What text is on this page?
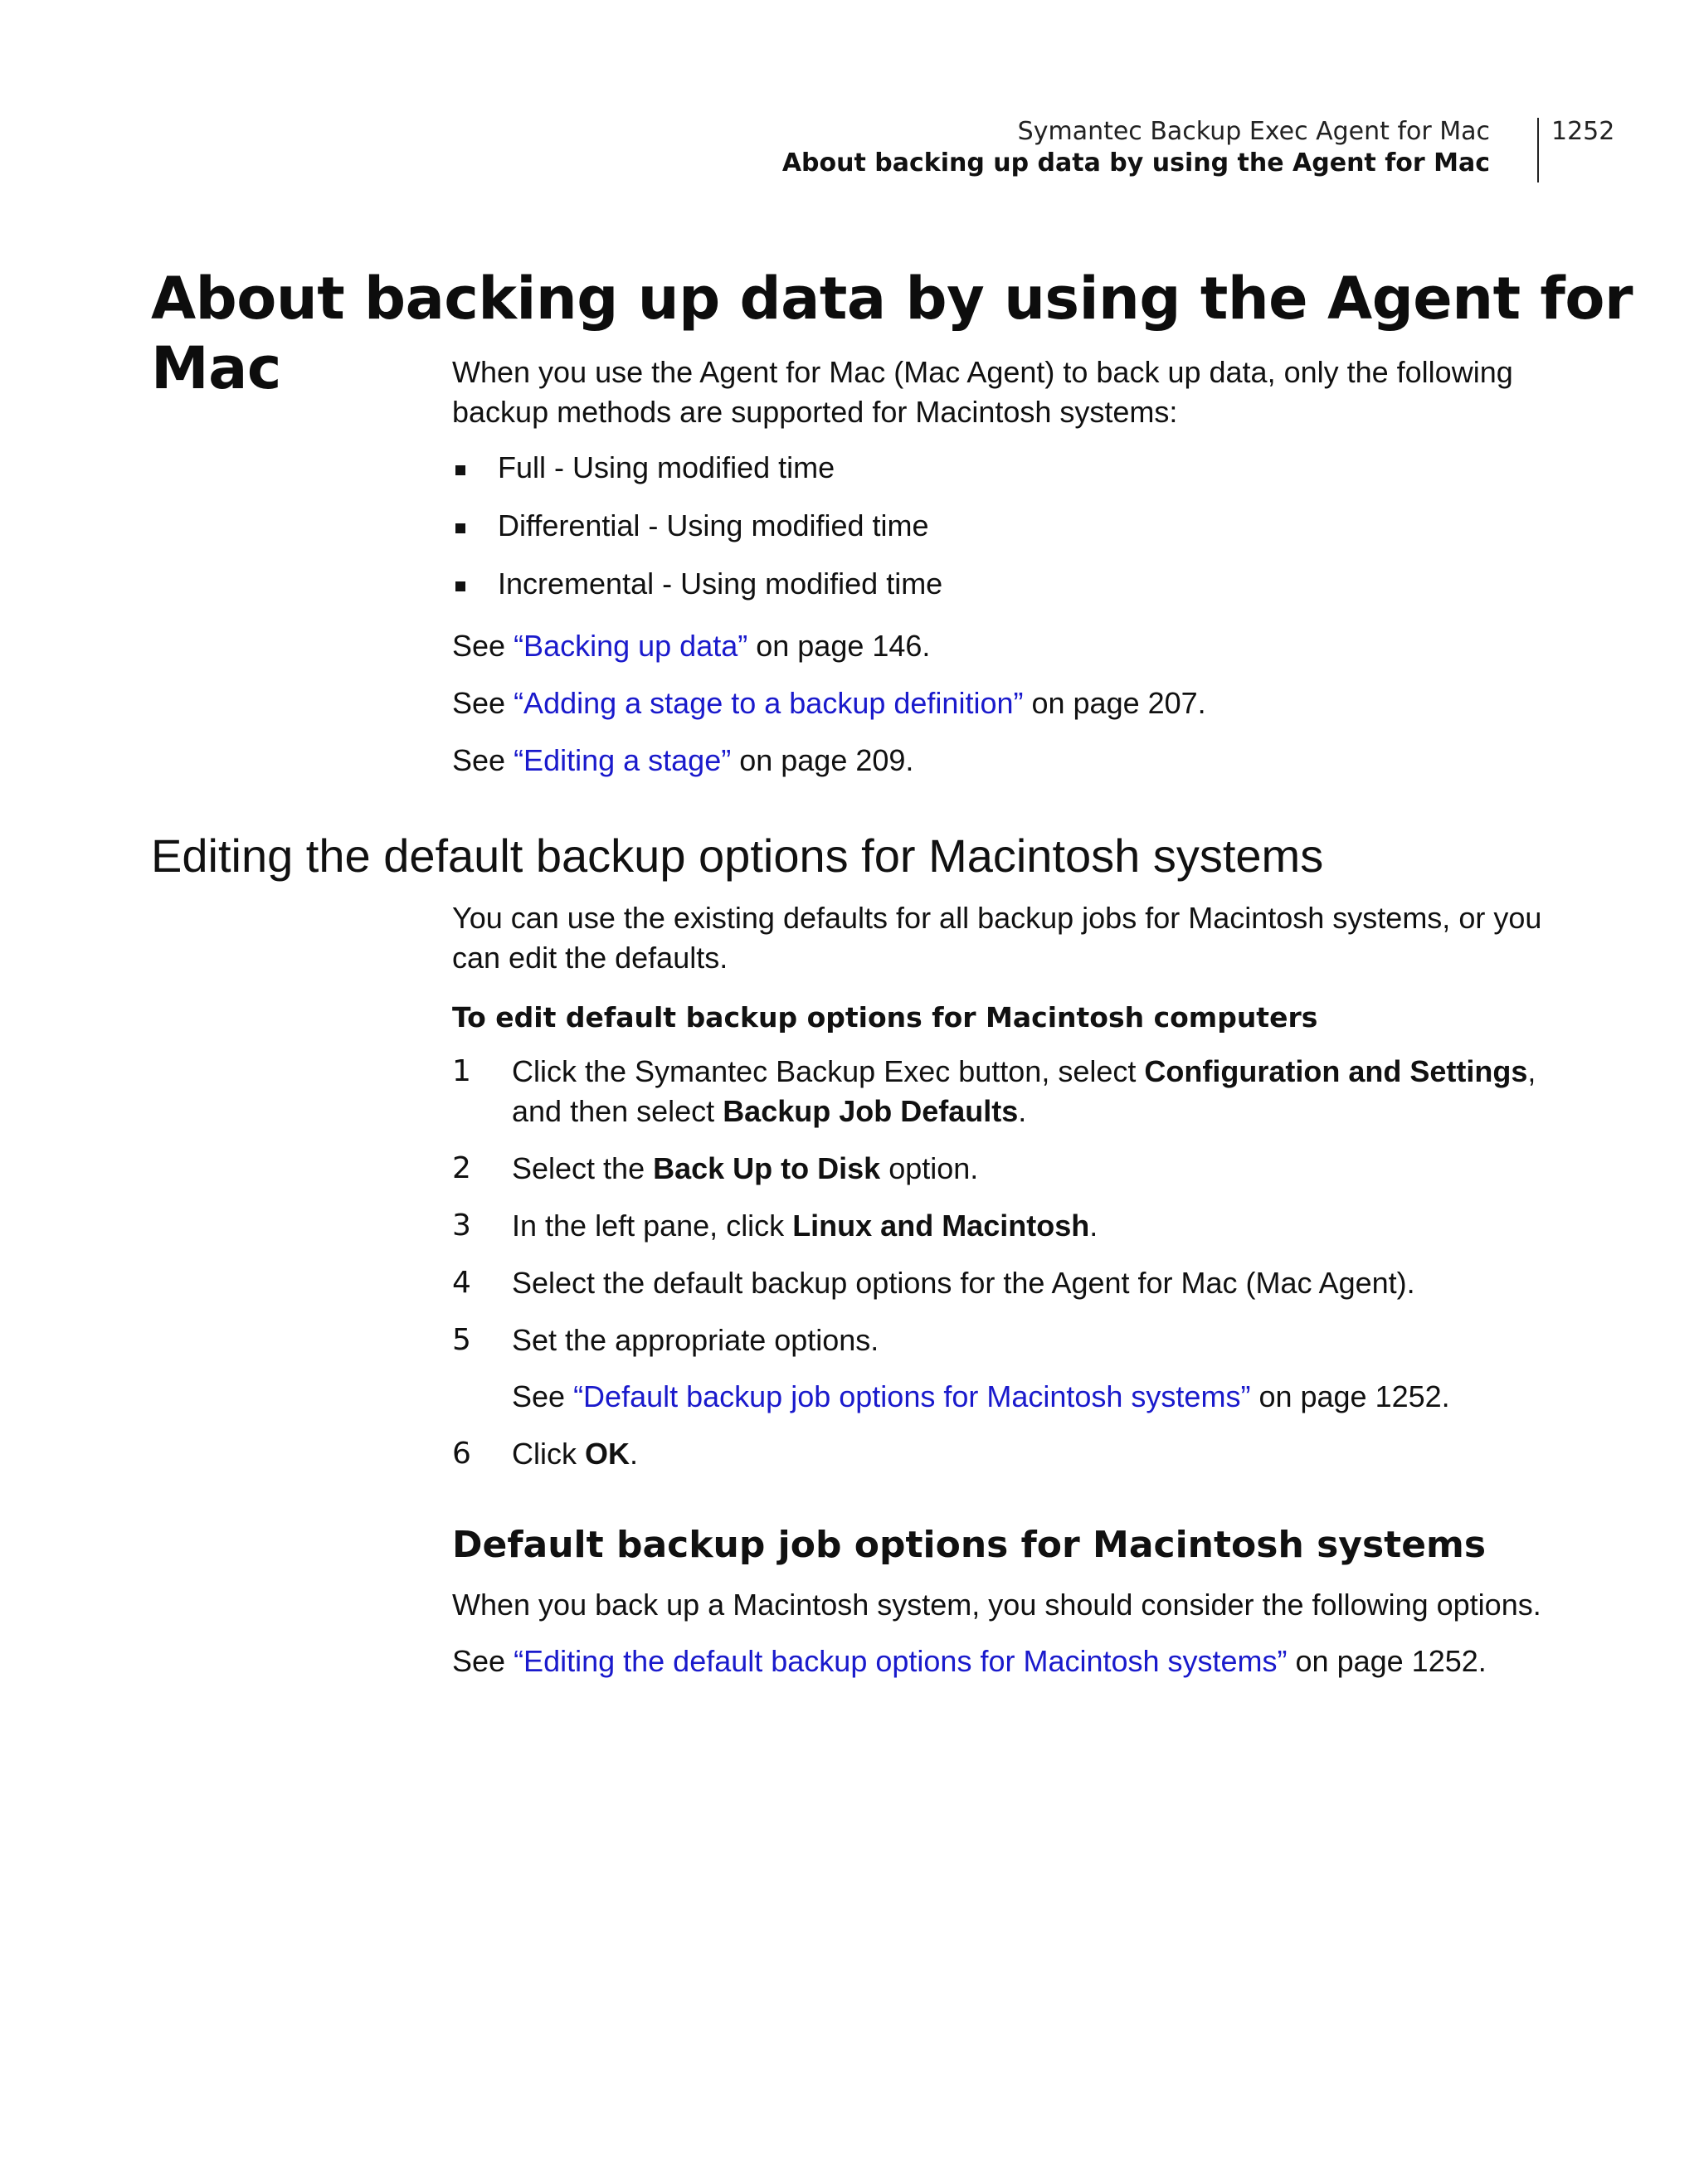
Symantec Backup Exec Agent for Mac
About backing up data by using the Agent for Mac
1252
About backing up data by using the Agent for Mac	When you use the Agent for Mac (Mac Agent) to back up data, only the following backup methods are supported for Macintosh systems:

Full - Using modified time
Differential - Using modified time
Incremental - Using modified time

See “Backing up data” on page 146.

See “Adding a stage to a backup definition” on page 207.

See “Editing a stage” on page 209.

Editing the default backup options for Macintosh systems

You can use the existing defaults for all backup jobs for Macintosh systems, or you can edit the defaults.

To edit default backup options for Macintosh computers

1 Click the Symantec Backup Exec button, select Configuration and Settings, and then select Backup Job Defaults.
2 Select the Back Up to Disk option.
3 In the left pane, click Linux and Macintosh.
4 Select the default backup options for the Agent for Mac (Mac Agent).
5 Set the appropriate options.
See “Default backup job options for Macintosh systems” on page 1252.
6 Click OK.
Default backup job options for Macintosh systems

When you back up a Macintosh system, you should consider the following options.

See “Editing the default backup options for Macintosh systems” on page 1252.
